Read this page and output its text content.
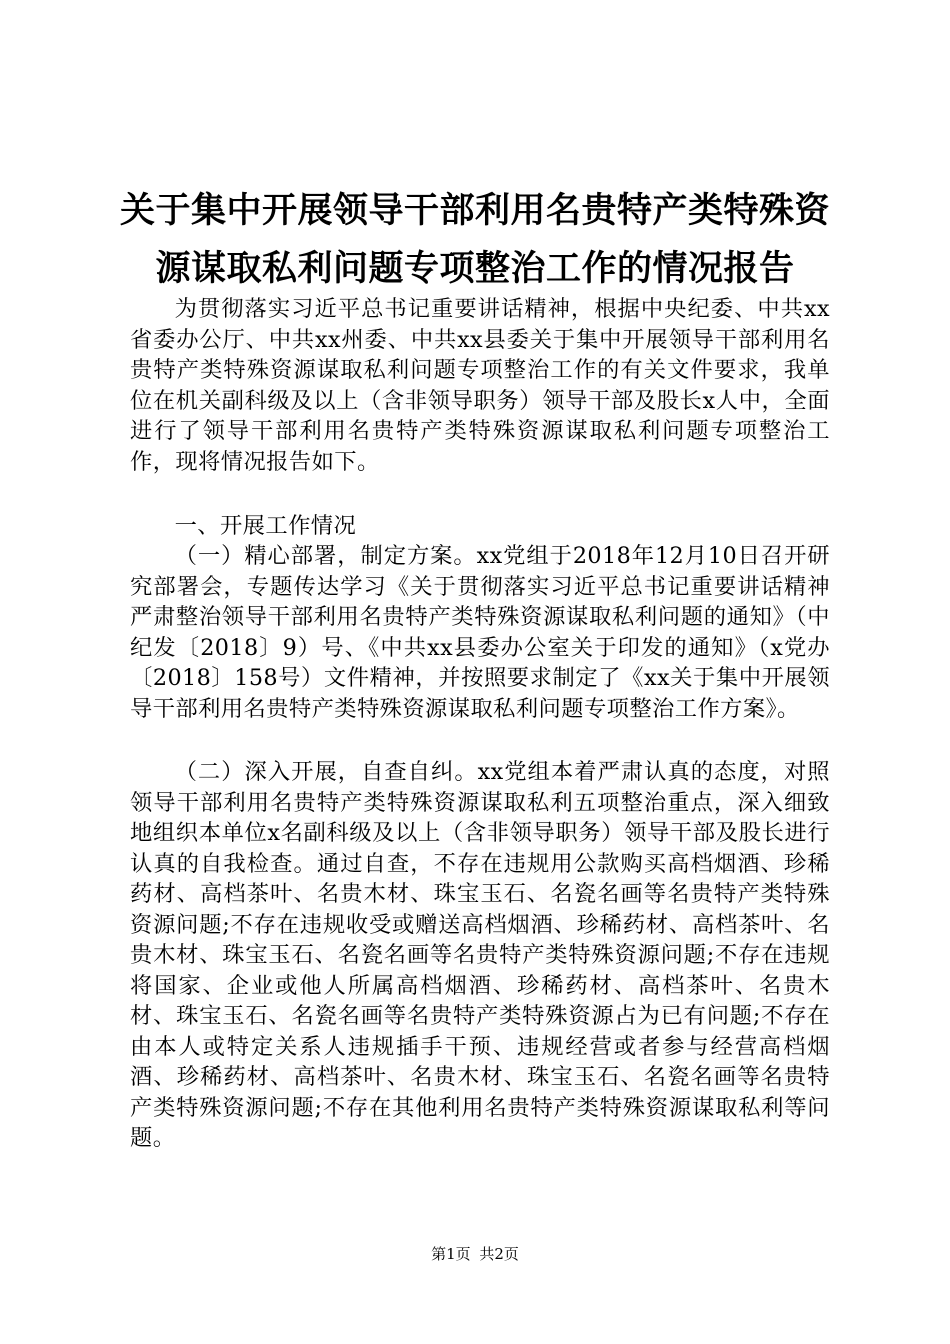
关于集中开展领导干部利用名贵特产类特殊资
源谋取私利问题专项整治工作的情况报告

为贯彻落实习近平总书记重要讲话精神，根据中央纪委、中共xx省委办公厅、中共xx州委、中共xx县委关于集中开展领导干部利用名贵特产类特殊资源谋取私利问题专项整治工作的有关文件要求，我单位在机关副科级及以上（含非领导职务）领导干部及股长x人中，全面进行了领导干部利用名贵特产类特殊资源谋取私利问题专项整治工作，现将情况报告如下。

一、开展工作情况

（一）精心部署，制定方案。xx党组于2018年12月10日召开研究部署会，专题传达学习《关于贯彻落实习近平总书记重要讲话精神严肃整治领导干部利用名贵特产类特殊资源谋取私利问题的通知》（中纪发〔2018〕9）号、《中共xx县委办公室关于印发的通知》（x党办〔2018〕158号）文件精神，并按照要求制定了《xx关于集中开展领导干部利用名贵特产类特殊资源谋取私利问题专项整治工作方案》。

（二）深入开展，自查自纠。xx党组本着严肃认真的态度，对照领导干部利用名贵特产类特殊资源谋取私利五项整治重点，深入细致地组织本单位x名副科级及以上（含非领导职务）领导干部及股长进行认真的自我检查。通过自查，不存在违规用公款购买高档烟酒、珍稀药材、高档茶叶、名贵木材、珠宝玉石、名瓷名画等名贵特产类特殊资源问题;不存在违规收受或赠送高档烟酒、珍稀药材、高档茶叶、名贵木材、珠宝玉石、名瓷名画等名贵特产类特殊资源问题;不存在违规将国家、企业或他人所属高档烟酒、珍稀药材、高档茶叶、名贵木材、珠宝玉石、名瓷名画等名贵特产类特殊资源占为已有问题;不存在由本人或特定关系人违规插手干预、违规经营或者参与经营高档烟酒、珍稀药材、高档茶叶、名贵木材、珠宝玉石、名瓷名画等名贵特产类特殊资源问题;不存在其他利用名贵特产类特殊资源谋取私利等问题。

第1页 共2页
